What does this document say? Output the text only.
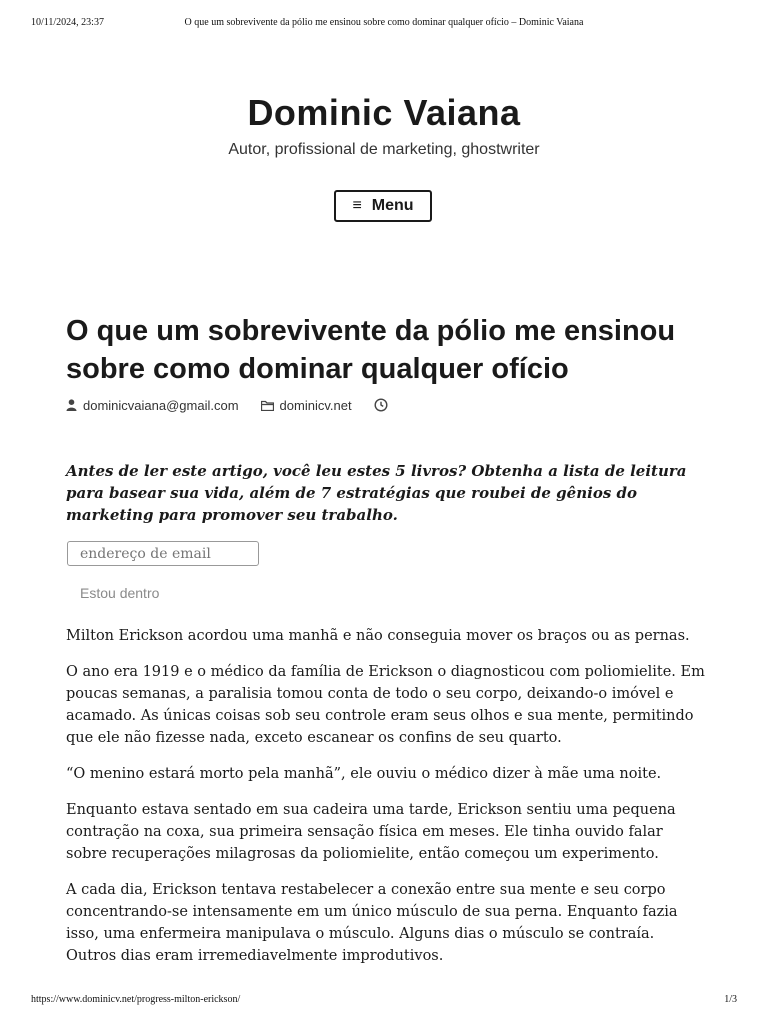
10/11/2024, 23:37	O que um sobrevivente da pólio me ensinou sobre como dominar qualquer ofício – Dominic Vaiana
Dominic Vaiana
Autor, profissional de marketing, ghostwriter
≡ Menu
O que um sobrevivente da pólio me ensinou sobre como dominar qualquer ofício
dominicvaiana@gmail.com	dominicv.net
Antes de ler este artigo, você leu estes 5 livros? Obtenha a lista de leitura para basear sua vida, além de 7 estratégias que roubei de gênios do marketing para promover seu trabalho.
endereço de email
Estou dentro

Milton Erickson acordou uma manhã e não conseguia mover os braços ou as pernas.

O ano era 1919 e o médico da família de Erickson o diagnosticou com poliomielite. Em poucas semanas, a paralisia tomou conta de todo o seu corpo, deixando-o imóvel e acamado. As únicas coisas sob seu controle eram seus olhos e sua mente, permitindo que ele não fizesse nada, exceto escanear os confins de seu quarto.

“O menino estará morto pela manhã”, ele ouviu o médico dizer à mãe uma noite.

Enquanto estava sentado em sua cadeira uma tarde, Erickson sentiu uma pequena contração na coxa, sua primeira sensação física em meses. Ele tinha ouvido falar sobre recuperações milagrosas da poliomielite, então começou um experimento.

A cada dia, Erickson tentava restabelecer a conexão entre sua mente e seu corpo concentrando-se intensamente em um único músculo de sua perna. Enquanto fazia isso, uma enfermeira manipulava o músculo. Alguns dias o músculo se contraía. Outros dias eram irremediavelmente improdutivos.

https://www.dominicv.net/progress-milton-erickson/	1/3
